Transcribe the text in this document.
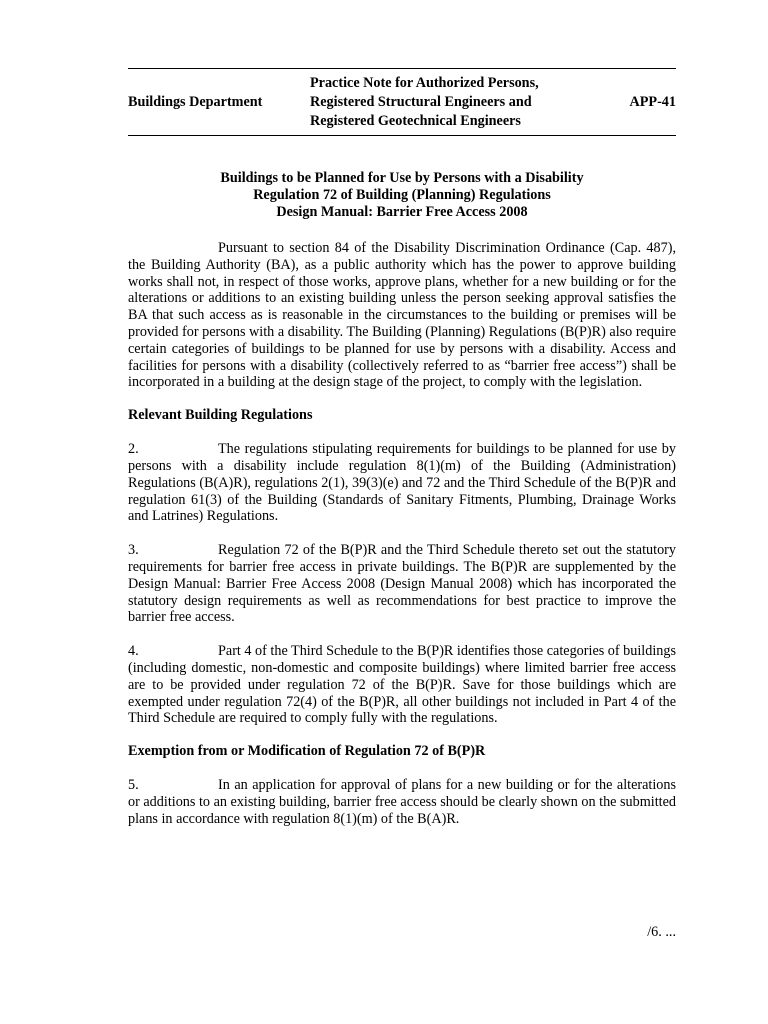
Buildings Department
Practice Note for Authorized Persons,
Registered Structural Engineers and
Registered Geotechnical Engineers
APP-41
Buildings to be Planned for Use by Persons with a Disability
Regulation 72 of Building (Planning) Regulations
Design Manual: Barrier Free Access 2008

Pursuant to section 84 of the Disability Discrimination Ordinance (Cap. 487), the Building Authority (BA), as a public authority which has the power to approve building works shall not, in respect of those works, approve plans, whether for a new building or for the alterations or additions to an existing building unless the person seeking approval satisfies the BA that such access as is reasonable in the circumstances to the building or premises will be provided for persons with a disability. The Building (Planning) Regulations (B(P)R) also require certain categories of buildings to be planned for use by persons with a disability. Access and facilities for persons with a disability (collectively referred to as “barrier free access”) shall be incorporated in a building at the design stage of the project, to comply with the legislation.

Relevant Building Regulations

2.	The regulations stipulating requirements for buildings to be planned for use by persons with a disability include regulation 8(1)(m) of the Building (Administration) Regulations (B(A)R), regulations 2(1), 39(3)(e) and 72 and the Third Schedule of the B(P)R and regulation 61(3) of the Building (Standards of Sanitary Fitments, Plumbing, Drainage Works and Latrines) Regulations.

3.	Regulation 72 of the B(P)R and the Third Schedule thereto set out the statutory requirements for barrier free access in private buildings. The B(P)R are supplemented by the Design Manual: Barrier Free Access 2008 (Design Manual 2008) which has incorporated the statutory design requirements as well as recommendations for best practice to improve the barrier free access.

4.	Part 4 of the Third Schedule to the B(P)R identifies those categories of buildings (including domestic, non-domestic and composite buildings) where limited barrier free access are to be provided under regulation 72 of the B(P)R. Save for those buildings which are exempted under regulation 72(4) of the B(P)R, all other buildings not included in Part 4 of the Third Schedule are required to comply fully with the regulations.

Exemption from or Modification of Regulation 72 of B(P)R

5.	In an application for approval of plans for a new building or for the alterations or additions to an existing building, barrier free access should be clearly shown on the submitted plans in accordance with regulation 8(1)(m) of the B(A)R.

/6. ...
